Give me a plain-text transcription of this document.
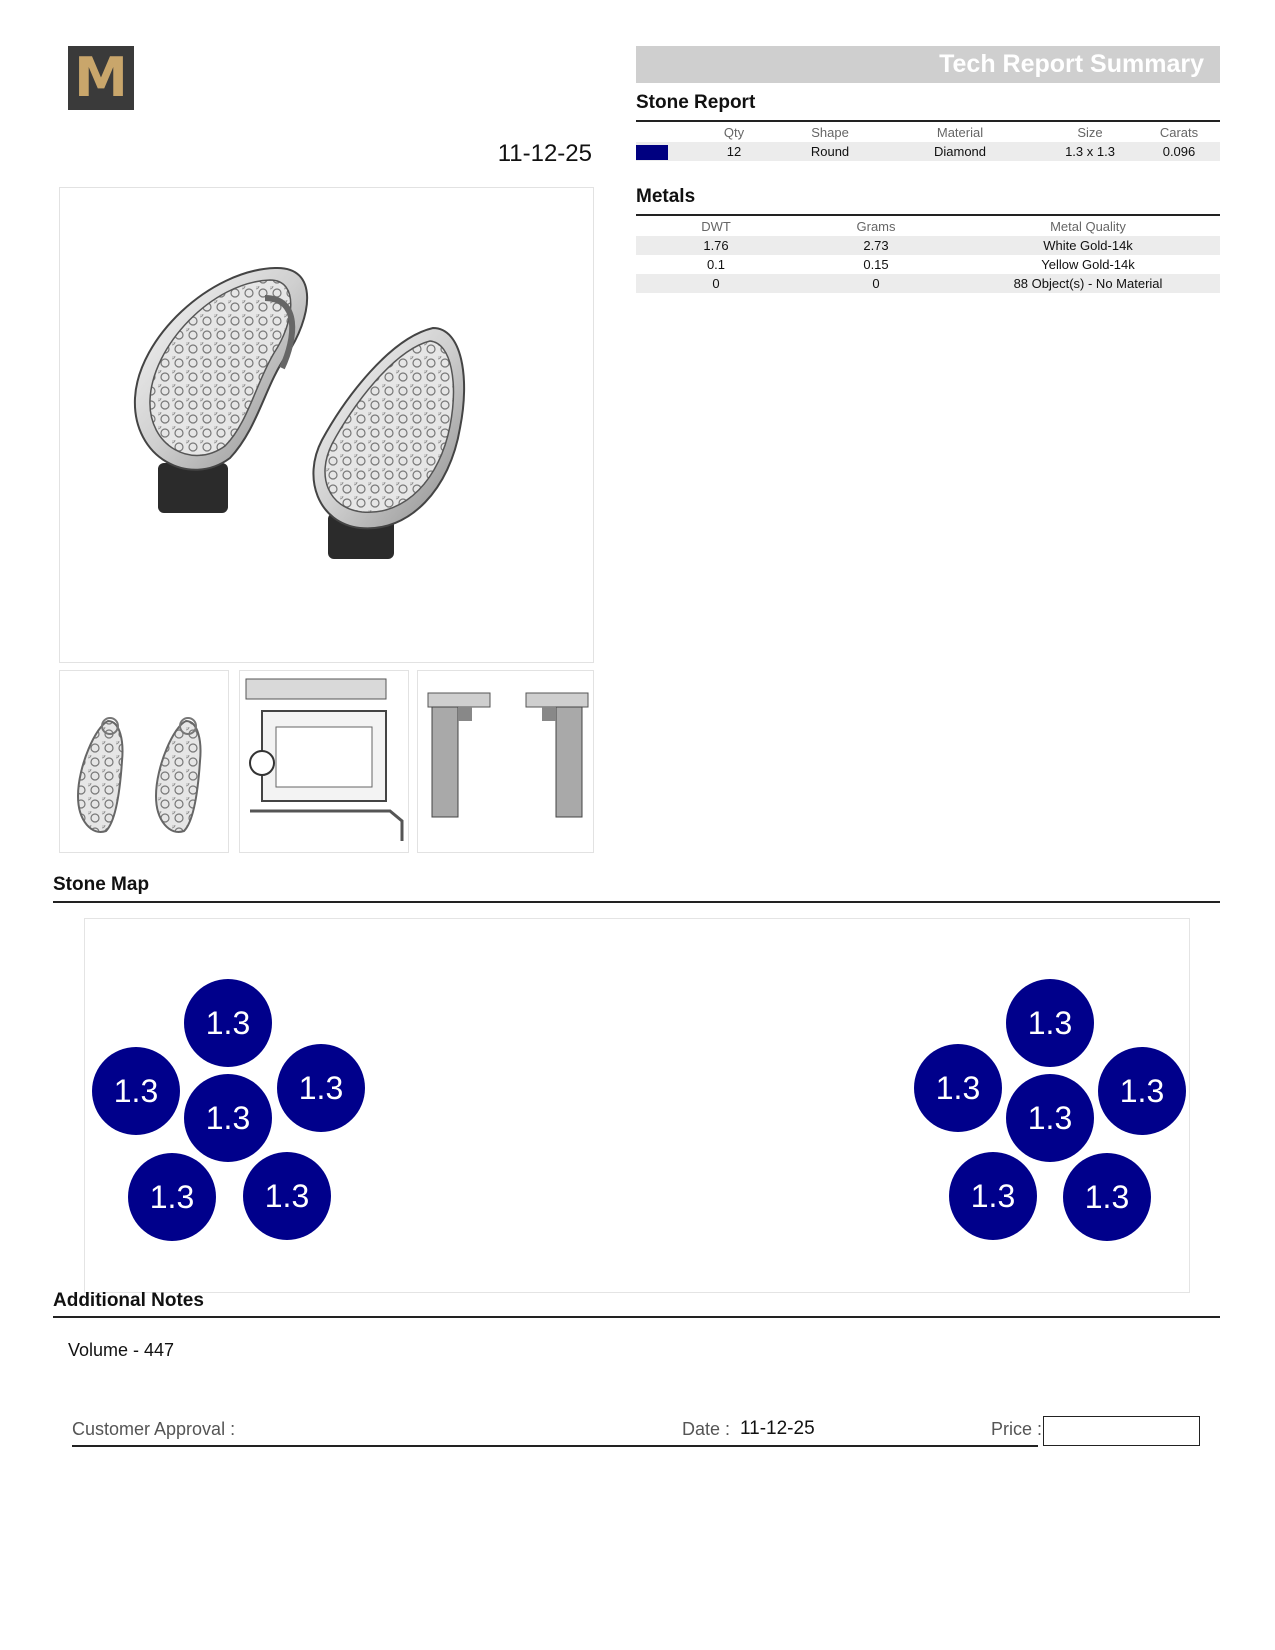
M
11-12-25
Tech Report Summary
Stone Report
	Qty	Shape	Material	Size	Carats
	12	Round	Diamond	1.3 x 1.3	0.096
Metals
DWT	Grams	Metal Quality
1.76	2.73	White Gold-14k
0.1	0.15	Yellow Gold-14k
0	0	88 Object(s) - No Material
Stone Map
1.3
1.3	1.3
1.3
1.3	1.3
1.3
1.3	1.3
1.3
1.3	1.3
Additional Notes
Volume - 447
Customer Approval :	Date : 11-12-25	Price :
